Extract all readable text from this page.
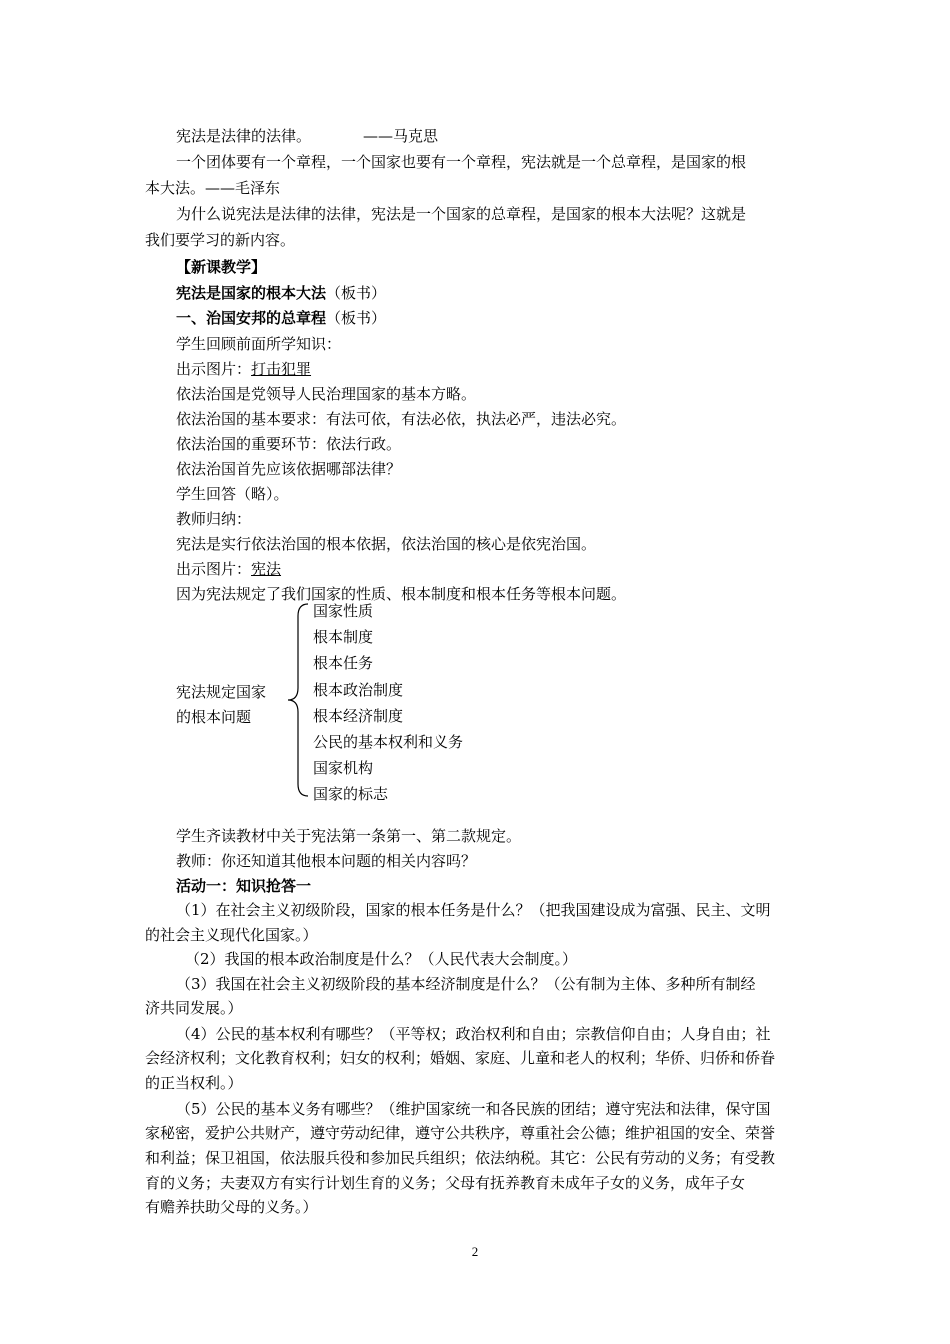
宪法是法律的法律。	——马克思
一个团体要有一个章程，一个国家也要有一个章程，宪法就是一个总章程，是国家的根
本大法。——毛泽东
为什么说宪法是法律的法律，宪法是一个国家的总章程，是国家的根本大法呢？这就是
我们要学习的新内容。
【新课教学】
宪法是国家的根本大法（板书）
一、治国安邦的总章程（板书）
学生回顾前面所学知识：
出示图片：打击犯罪
依法治国是党领导人民治理国家的基本方略。
依法治国的基本要求：有法可依，有法必依，执法必严，违法必究。
依法治国的重要环节：依法行政。
依法治国首先应该依据哪部法律？
学生回答（略）。
教师归纳：
宪法是实行依法治国的根本依据，依法治国的核心是依宪治国。
出示图片：宪法
因为宪法规定了我们国家的性质、根本制度和根本任务等根本问题。
宪法规定国家
的根本问题
国家性质
根本制度
根本任务
根本政治制度
根本经济制度
公民的基本权利和义务
国家机构
国家的标志
学生齐读教材中关于宪法第一条第一、第二款规定。
教师：你还知道其他根本问题的相关内容吗？
活动一：知识抢答一
（1）在社会主义初级阶段，国家的根本任务是什么？（把我国建设成为富强、民主、文明
的社会主义现代化国家。）
（2）我国的根本政治制度是什么？（人民代表大会制度。）
（3）我国在社会主义初级阶段的基本经济制度是什么？（公有制为主体、多种所有制经
济共同发展。）
（4）公民的基本权利有哪些？（平等权；政治权利和自由；宗教信仰自由；人身自由；社
会经济权利；文化教育权利；妇女的权利；婚姻、家庭、儿童和老人的权利；华侨、归侨和侨眷
的正当权利。）
（5）公民的基本义务有哪些？（维护国家统一和各民族的团结；遵守宪法和法律，保守国
家秘密，爱护公共财产，遵守劳动纪律，遵守公共秩序，尊重社会公德；维护祖国的安全、荣誉
和利益；保卫祖国，依法服兵役和参加民兵组织；依法纳税。其它：公民有劳动的义务；有受教
育的义务；夫妻双方有实行计划生育的义务；父母有抚养教育未成年子女的义务，成年子女
有赡养扶助父母的义务。）
2
